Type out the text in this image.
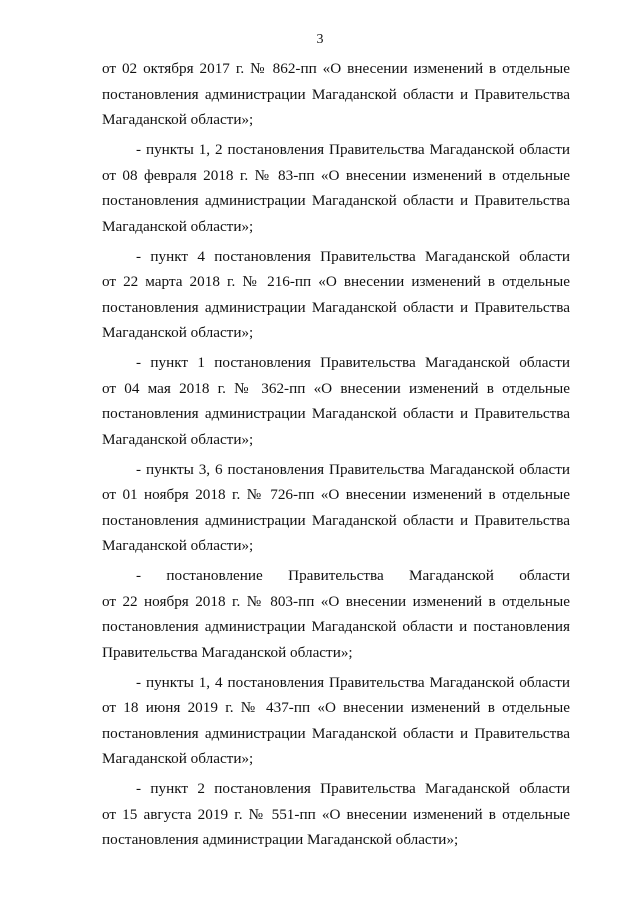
3
от 02 октября 2017 г. № 862-пп «О внесении изменений в отдельные
постановления администрации Магаданской области и Правительства
Магаданской области»;
- пункты 1, 2 постановления Правительства Магаданской области
от 08 февраля 2018 г. № 83-пп «О внесении изменений в отдельные
постановления администрации Магаданской области и Правительства
Магаданской области»;
- пункт 4 постановления Правительства Магаданской области
от 22 марта 2018 г. № 216-пп «О внесении изменений в отдельные
постановления администрации Магаданской области и Правительства
Магаданской области»;
- пункт 1 постановления Правительства Магаданской области
от 04 мая 2018 г. № 362-пп «О внесении изменений в отдельные
постановления администрации Магаданской области и Правительства
Магаданской области»;
- пункты 3, 6 постановления Правительства Магаданской области
от 01 ноября 2018 г. № 726-пп «О внесении изменений в отдельные
постановления администрации Магаданской области и Правительства
Магаданской области»;
- постановление Правительства Магаданской области
от 22 ноября 2018 г. № 803-пп «О внесении изменений в отдельные
постановления администрации Магаданской области и постановления
Правительства Магаданской области»;
- пункты 1, 4 постановления Правительства Магаданской области
от 18 июня 2019 г. № 437-пп «О внесении изменений в отдельные
постановления администрации Магаданской области и Правительства
Магаданской области»;
- пункт 2 постановления Правительства Магаданской области
от 15 августа 2019 г. № 551-пп «О внесении изменений в отдельные
постановления администрации Магаданской области»;
